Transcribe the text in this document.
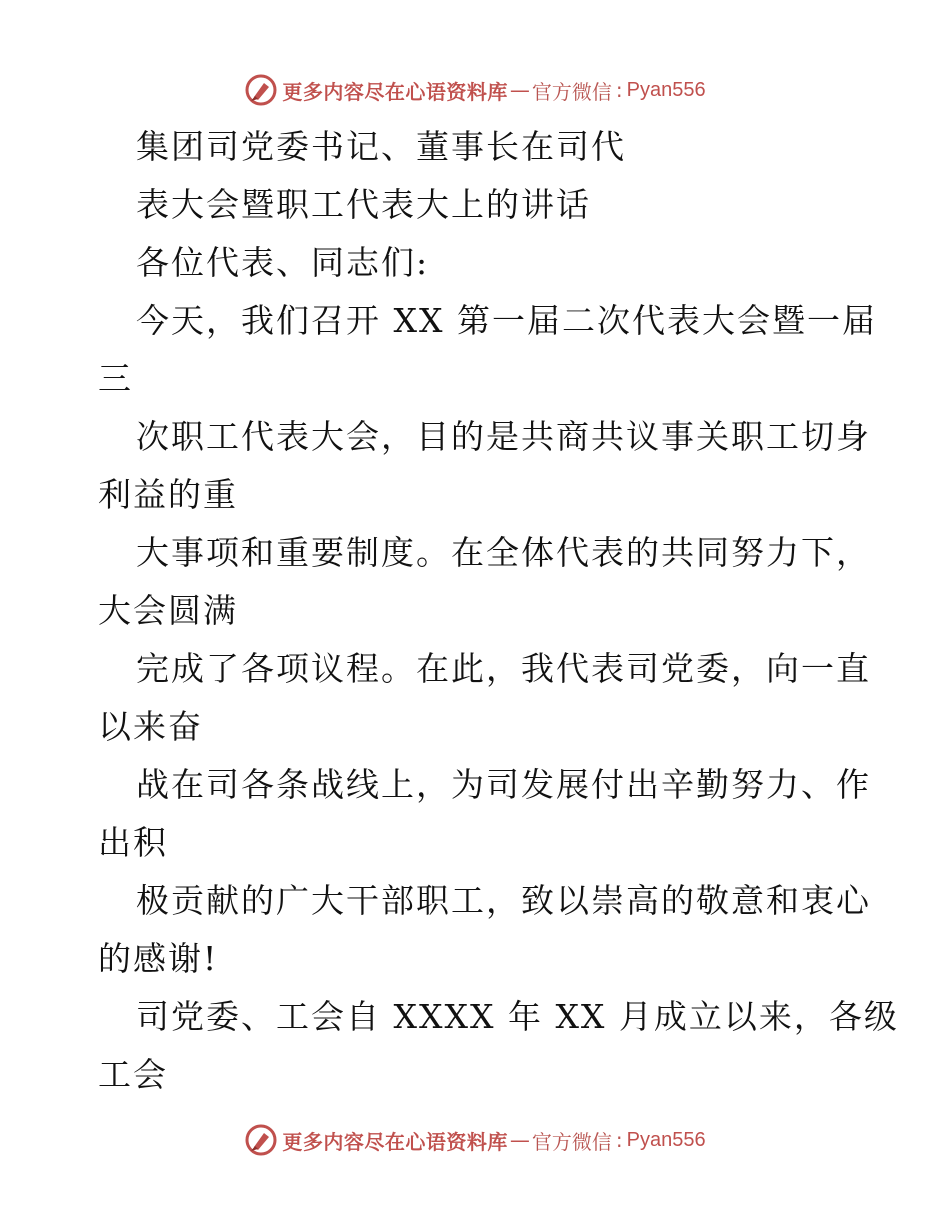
更多内容尽在心语资料库 — 官方微信 : Pyan556
集团司党委书记、董事长在司代
表大会暨职工代表大上的讲话
各位代表、同志们:
今天，我们召开 XX 第一届二次代表大会暨一届
三
次职工代表大会，目的是共商共议事关职工切身
利益的重
大事项和重要制度。在全体代表的共同努力下，
大会圆满
完成了各项议程。在此，我代表司党委，向一直
以来奋
战在司各条战线上，为司发展付出辛勤努力、作
出积
极贡献的广大干部职工，致以崇高的敬意和衷心
的感谢!
司党委、工会自 XXXX 年 XX 月成立以来，各级
工会
更多内容尽在心语资料库 — 官方微信 : Pyan556
